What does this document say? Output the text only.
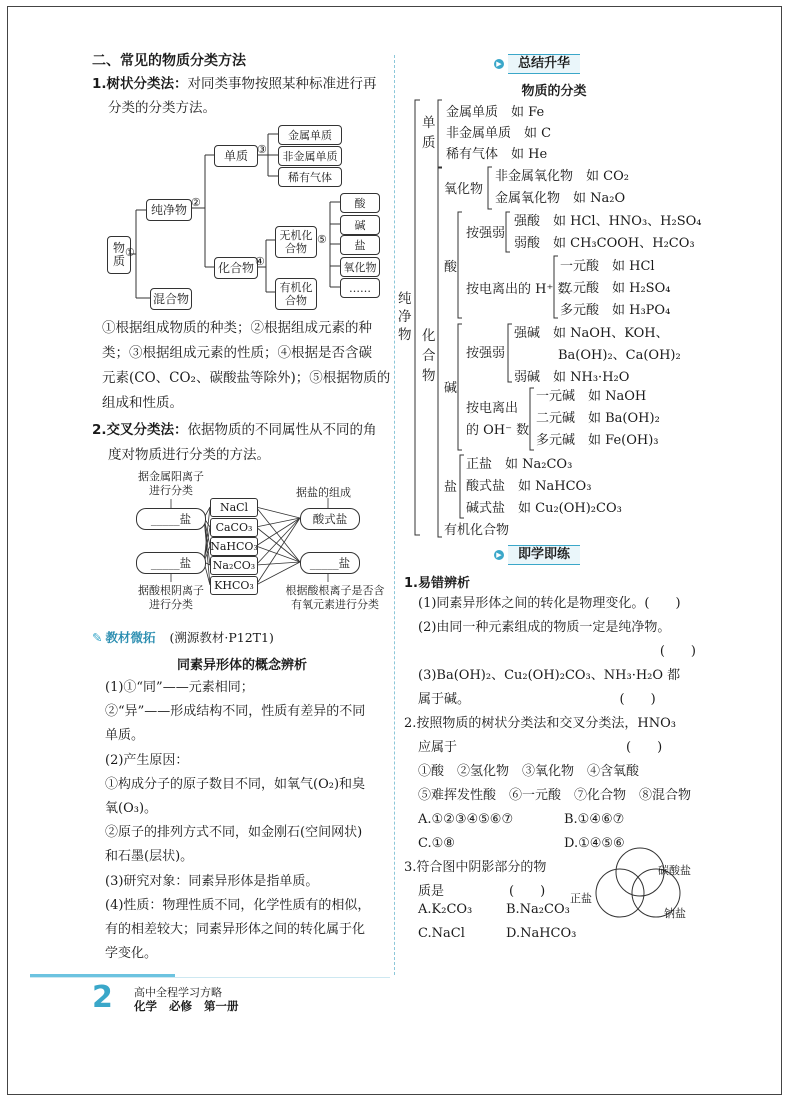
二、常见的物质分类方法
1.树状分类法：对同类事物按照某种标准进行再
分类的分类方法。
物质
①
纯净物 ②
混合物
单质 ③
化合物 ④
金属单质
非金属单质
稀有气体
无机化合物
⑤
有机化合物
酸
碱
盐
氧化物
……
①根据组成物质的种类；②根据组成元素的种
类；③根据组成元素的性质；④根据是否含碳
元素(CO、CO₂、碳酸盐等除外)；⑤根据物质的
组成和性质。
2.交叉分类法：依据物质的不同属性从不同的角
度对物质进行分类的方法。
据金属阳离子
进行分类	据盐的组成
_____盐
_____盐
NaCl
CaCO₃
NaHCO₃
Na₂CO₃
KHCO₃
酸式盐
_____盐
据酸根阴离子
进行分类
根据酸根离子是否含
有氧元素进行分类
✎ 教材微拓 (溯源教材·P12T1)
同素异形体的概念辨析
(1)①“同”——元素相同；
②“异”——形成结构不同，性质有差异的不同
单质。
(2)产生原因：
①构成分子的原子数目不同，如氧气(O₂)和臭
氧(O₃)。
②原子的排列方式不同，如金刚石(空间网状)
和石墨(层状)。
(3)研究对象：同素异形体是指单质。
(4)性质：物理性质不同，化学性质有的相似，
有的相差较大；同素异形体之间的转化属于化
学变化。
2 高中全程学习方略
化学 必修 第一册
▶	总结升华
物质的分类
纯净物
单质
金属单质　如 Fe
非金属单质　如 C
稀有气体　如 He
化合物
氧化物
非金属氧化物　如 CO₂
金属氧化物　如 Na₂O
酸
按强弱
强酸　如 HCl、HNO₃、H₂SO₄
弱酸　如 CH₃COOH、H₂CO₃
按电离出的 H⁺ 数
一元酸　如 HCl
二元酸　如 H₂SO₄
多元酸　如 H₃PO₄
碱
按强弱
强碱　如 NaOH、KOH、
Ba(OH)₂、Ca(OH)₂
弱碱　如 NH₃·H₂O
按电离出
的 OH⁻ 数
一元碱　如 NaOH
二元碱　如 Ba(OH)₂
多元碱　如 Fe(OH)₃
盐
正盐　如 Na₂CO₃
酸式盐　如 NaHCO₃
碱式盐　如 Cu₂(OH)₂CO₃
有机化合物
▶	即学即练
1.易错辨析
(1)同素异形体之间的转化是物理变化。(　　)
(2)由同一种元素组成的物质一定是纯净物。
(　　)
(3)Ba(OH)₂、Cu₂(OH)₂CO₃、NH₃·H₂O 都
属于碱。　　　　　　　　　　　　(　　)
2.按照物质的树状分类法和交叉分类法，HNO₃
应属于　　　　　　　　　　　　　(　　)
①酸　②氢化物　③氧化物　④含氧酸
⑤难挥发性酸　⑥一元酸　⑦化合物　⑧混合物
A.①②③④⑤⑥⑦	B.①④⑥⑦
C.①⑧	D.①④⑤⑥
3.符合图中阴影部分的物
质是　　　　　(　　)
A.K₂CO₃	B.Na₂CO₃
C.NaCl	D.NaHCO₃
碳酸盐
正盐
钠盐
